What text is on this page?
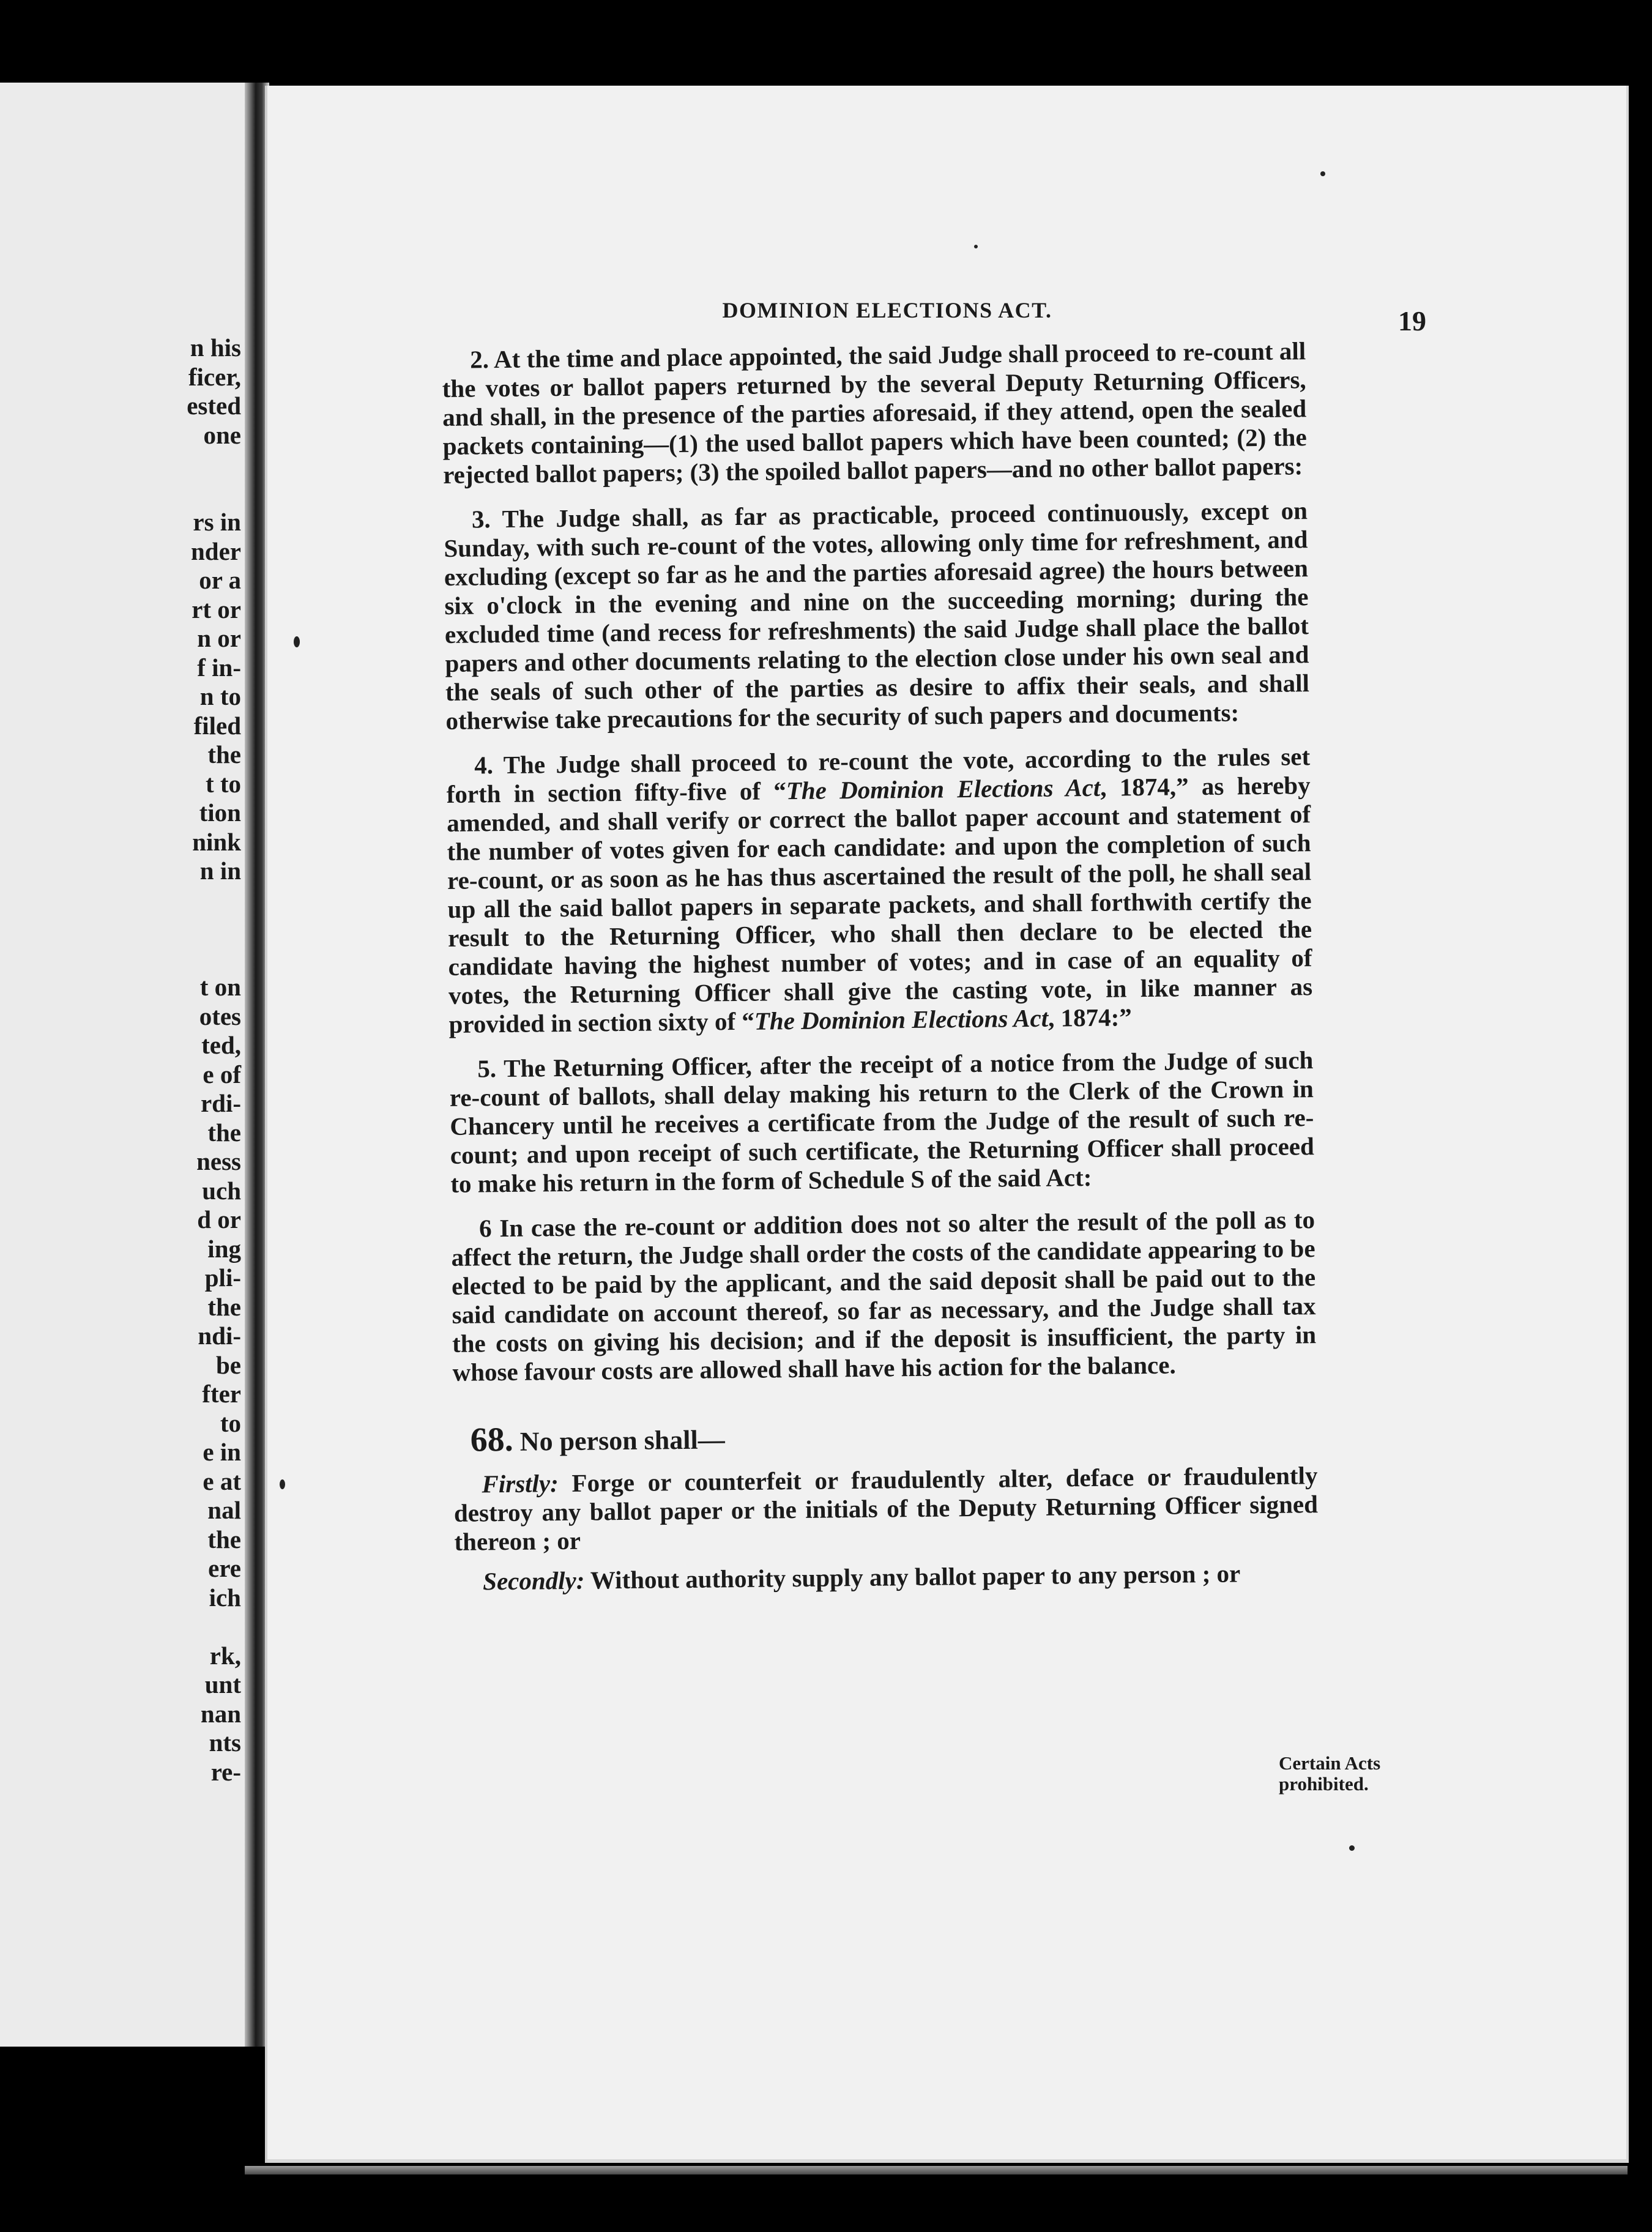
n his
ficer,
ested
one
rs in
nder
or a
rt or
n or
f in-
n to
filed
the
t to
tion
nink
n in
t on
otes
ted,
e of
rdi-
the
ness
uch
d or
ing
pli-
the
ndi-
be
fter
to
e in
e at
nal
the
ere
ich
rk,
unt
nan
nts
re-
DOMINION ELECTIONS ACT.	19

2. At the time and place appointed, the said Judge shall proceed to re-count all the votes or ballot papers returned by the several Deputy Returning Officers, and shall, in the presence of the parties aforesaid, if they attend, open the sealed packets containing—(1) the used ballot papers which have been counted; (2) the rejected ballot papers; (3) the spoiled ballot papers—and no other ballot papers:

3. The Judge shall, as far as practicable, proceed continuously, except on Sunday, with such re-count of the votes, allowing only time for refreshment, and excluding (except so far as he and the parties aforesaid agree) the hours between six o'clock in the evening and nine on the succeeding morning; during the excluded time (and recess for refreshments) the said Judge shall place the ballot papers and other documents relating to the election close under his own seal and the seals of such other of the parties as desire to affix their seals, and shall otherwise take precautions for the security of such papers and documents:

4. The Judge shall proceed to re-count the vote, according to the rules set forth in section fifty-five of “The Dominion Elections Act, 1874,” as hereby amended, and shall verify or correct the ballot paper account and statement of the number of votes given for each candidate: and upon the completion of such re-count, or as soon as he has thus ascertained the result of the poll, he shall seal up all the said ballot papers in separate packets, and shall forthwith certify the result to the Returning Officer, who shall then declare to be elected the candidate having the highest number of votes; and in case of an equality of votes, the Returning Officer shall give the casting vote, in like manner as provided in section sixty of “The Dominion Elections Act, 1874:”

5. The Returning Officer, after the receipt of a notice from the Judge of such re-count of ballots, shall delay making his return to the Clerk of the Crown in Chancery until he receives a certificate from the Judge of the result of such re-count; and upon receipt of such certificate, the Returning Officer shall proceed to make his return in the form of Schedule S of the said Act:

6 In case the re-count or addition does not so alter the result of the poll as to affect the return, the Judge shall order the costs of the candidate appearing to be elected to be paid by the applicant, and the said deposit shall be paid out to the said candidate on account thereof, so far as necessary, and the Judge shall tax the costs on giving his decision; and if the deposit is insufficient, the party in whose favour costs are allowed shall have his action for the balance.

68. No person shall—

Firstly: Forge or counterfeit or fraudulently alter, deface or fraudulently destroy any ballot paper or the initials of the Deputy Returning Officer signed thereon ; or

Secondly: Without authority supply any ballot paper to any person ; or

Certain Acts
prohibited.
